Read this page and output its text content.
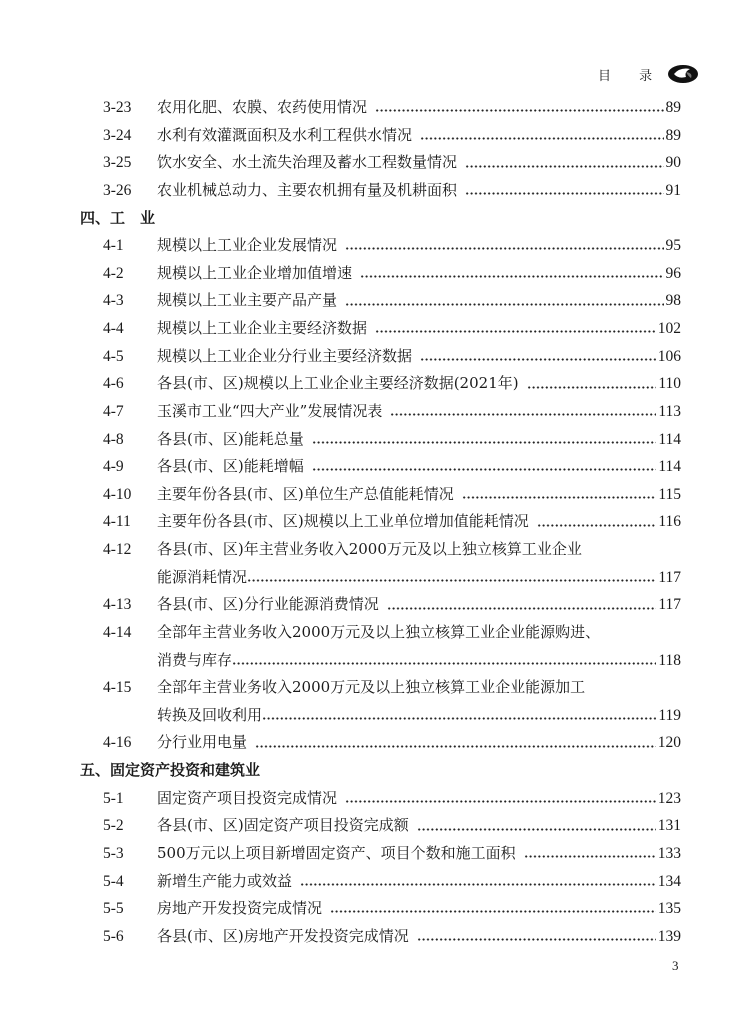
目 录
3-23	农用化肥、农膜、农药使用情况	89
3-24	水利有效灌溉面积及水利工程供水情况	89
3-25	饮水安全、水土流失治理及蓄水工程数量情况	90
3-26	农业机械总动力、主要农机拥有量及机耕面积	91
四、工　业
4-1	规模以上工业企业发展情况	95
4-2	规模以上工业企业增加值增速	96
4-3	规模以上工业主要产品产量	98
4-4	规模以上工业企业主要经济数据	102
4-5	规模以上工业企业分行业主要经济数据	106
4-6	各县(市、区)规模以上工业企业主要经济数据(2021年)	110
4-7	玉溪市工业“四大产业”发展情况表	113
4-8	各县(市、区)能耗总量	114
4-9	各县(市、区)能耗增幅	114
4-10	主要年份各县(市、区)单位生产总值能耗情况	115
4-11	主要年份各县(市、区)规模以上工业单位增加值能耗情况	116
4-12	各县(市、区)年主营业务收入2000万元及以上独立核算工业企业
能源消耗情况	117
4-13	各县(市、区)分行业能源消费情况	117
4-14	全部年主营业务收入2000万元及以上独立核算工业企业能源购进、
消费与库存	118
4-15	全部年主营业务收入2000万元及以上独立核算工业企业能源加工
转换及回收利用	119
4-16	分行业用电量	120
五、固定资产投资和建筑业
5-1	固定资产项目投资完成情况	123
5-2	各县(市、区)固定资产项目投资完成额	131
5-3	500万元以上项目新增固定资产、项目个数和施工面积	133
5-4	新增生产能力或效益	134
5-5	房地产开发投资完成情况	135
5-6	各县(市、区)房地产开发投资完成情况	139
3
